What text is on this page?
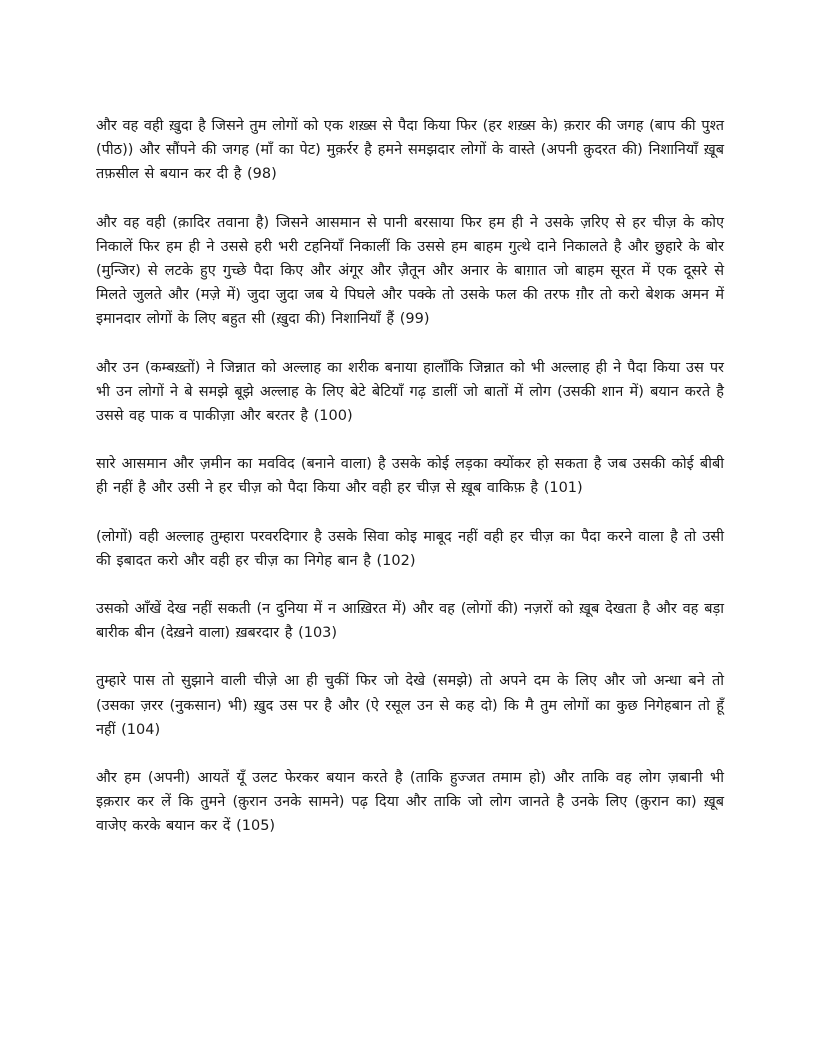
और वह वही ख़ुदा है जिसने तुम लोगों को एक शख़्स से पैदा किया फिर (हर शख़्स के) क़रार की जगह (बाप की पुश्त (पीठ)) और सौंपने की जगह (माँ का पेट) मुक़र्रर है हमने समझदार लोगों के वास्ते (अपनी क़ुदरत की) निशानियाँ ख़ूब तफ़सील से बयान कर दी है (98)

और वह वही (क़ादिर तवाना है) जिसने आसमान से पानी बरसाया फिर हम ही ने उसके ज़रिए से हर चीज़ के कोए निकालें फिर हम ही ने उससे हरी भरी टहनियाँ निकालीं कि उससे हम बाहम गुत्थे दाने निकालते है और छुहारे के बोर (मुन्जिर) से लटके हुए गुच्छे पैदा किए और अंगूर और ज़ैतून और अनार के बाग़ात जो बाहम सूरत में एक दूसरे से मिलते जुलते और (मज़े में) जुदा जुदा जब ये पिघले और पक्के तो उसके फल की तरफ ग़ौर तो करो बेशक अमन में इमानदार लोगों के लिए बहुत सी (ख़ुदा की) निशानियाँ हैं (99)

और उन (कम्बख़्तों) ने जिन्नात को अल्लाह का शरीक बनाया हालाँकि जिन्नात को भी अल्लाह ही ने पैदा किया उस पर भी उन लोगों ने बे समझे बूझे अल्लाह के लिए बेटे बेटियाँ गढ़ डालीं जो बातों में लोग (उसकी शान में) बयान करते है उससे वह पाक व पाकीज़ा और बरतर है (100)

सारे आसमान और ज़मीन का मवविद (बनाने वाला) है उसके कोई लड़का क्योंकर हो सकता है जब उसकी कोई बीबी ही नहीं है और उसी ने हर चीज़ को पैदा किया और वही हर चीज़ से ख़ूब वाकिफ़ है (101)

(लोगों) वही अल्लाह तुम्हारा परवरदिगार है उसके सिवा कोइ माबूद नहीं वही हर चीज़ का पैदा करने वाला है तो उसी की इबादत करो और वही हर चीज़ का निगेह बान है (102)

उसको आँखें देख नहीं सकती (न दुनिया में न आख़िरत में) और वह (लोगों की) नज़रों को ख़ूब देखता है और वह बड़ा बारीक बीन (देख़ने वाला) ख़बरदार है (103)

तुम्हारे पास तो सुझाने वाली चीज़े आ ही चुकीं फिर जो देखे (समझे) तो अपने दम के लिए और जो अन्धा बने तो (उसका ज़रर (नुकसान) भी) ख़ुद उस पर है और (ऐ रसूल उन से कह दो) कि मै तुम लोगों का कुछ निगेहबान तो हूँ नहीं (104)

और हम (अपनी) आयतें यूँ उलट फेरकर बयान करते है (ताकि हुज्जत तमाम हो) और ताकि वह लोग ज़बानी भी इक़रार कर लें कि तुमने (क़ुरान उनके सामने) पढ़ दिया और ताकि जो लोग जानते है उनके लिए (क़ुरान का) ख़ूब वाजेए करके बयान कर दें (105)
